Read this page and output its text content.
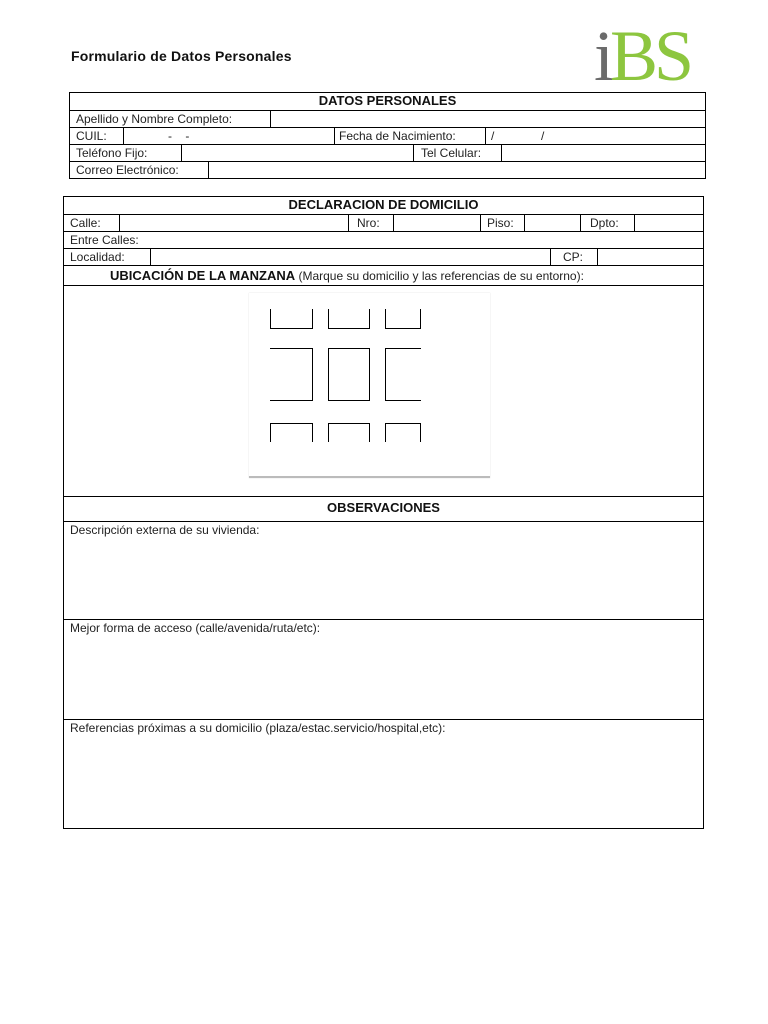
Formulario de Datos Personales	iBS
DATOS PERSONALES
Apellido y Nombre Completo:
CUIL:	-    -	Fecha de Nacimiento:	/              /
Teléfono Fijo:	Tel Celular:
Correo Electrónico:
DECLARACION DE DOMICILIO
Calle:	Nro:	Piso:	Dpto:
Entre Calles:
Localidad:	CP:
UBICACIÓN DE LA MANZANA (Marque su domicilio y las referencias de su entorno):
OBSERVACIONES
Descripción externa de su vivienda:
Mejor forma de acceso (calle/avenida/ruta/etc):
Referencias próximas a su domicilio (plaza/estac.servicio/hospital,etc):
